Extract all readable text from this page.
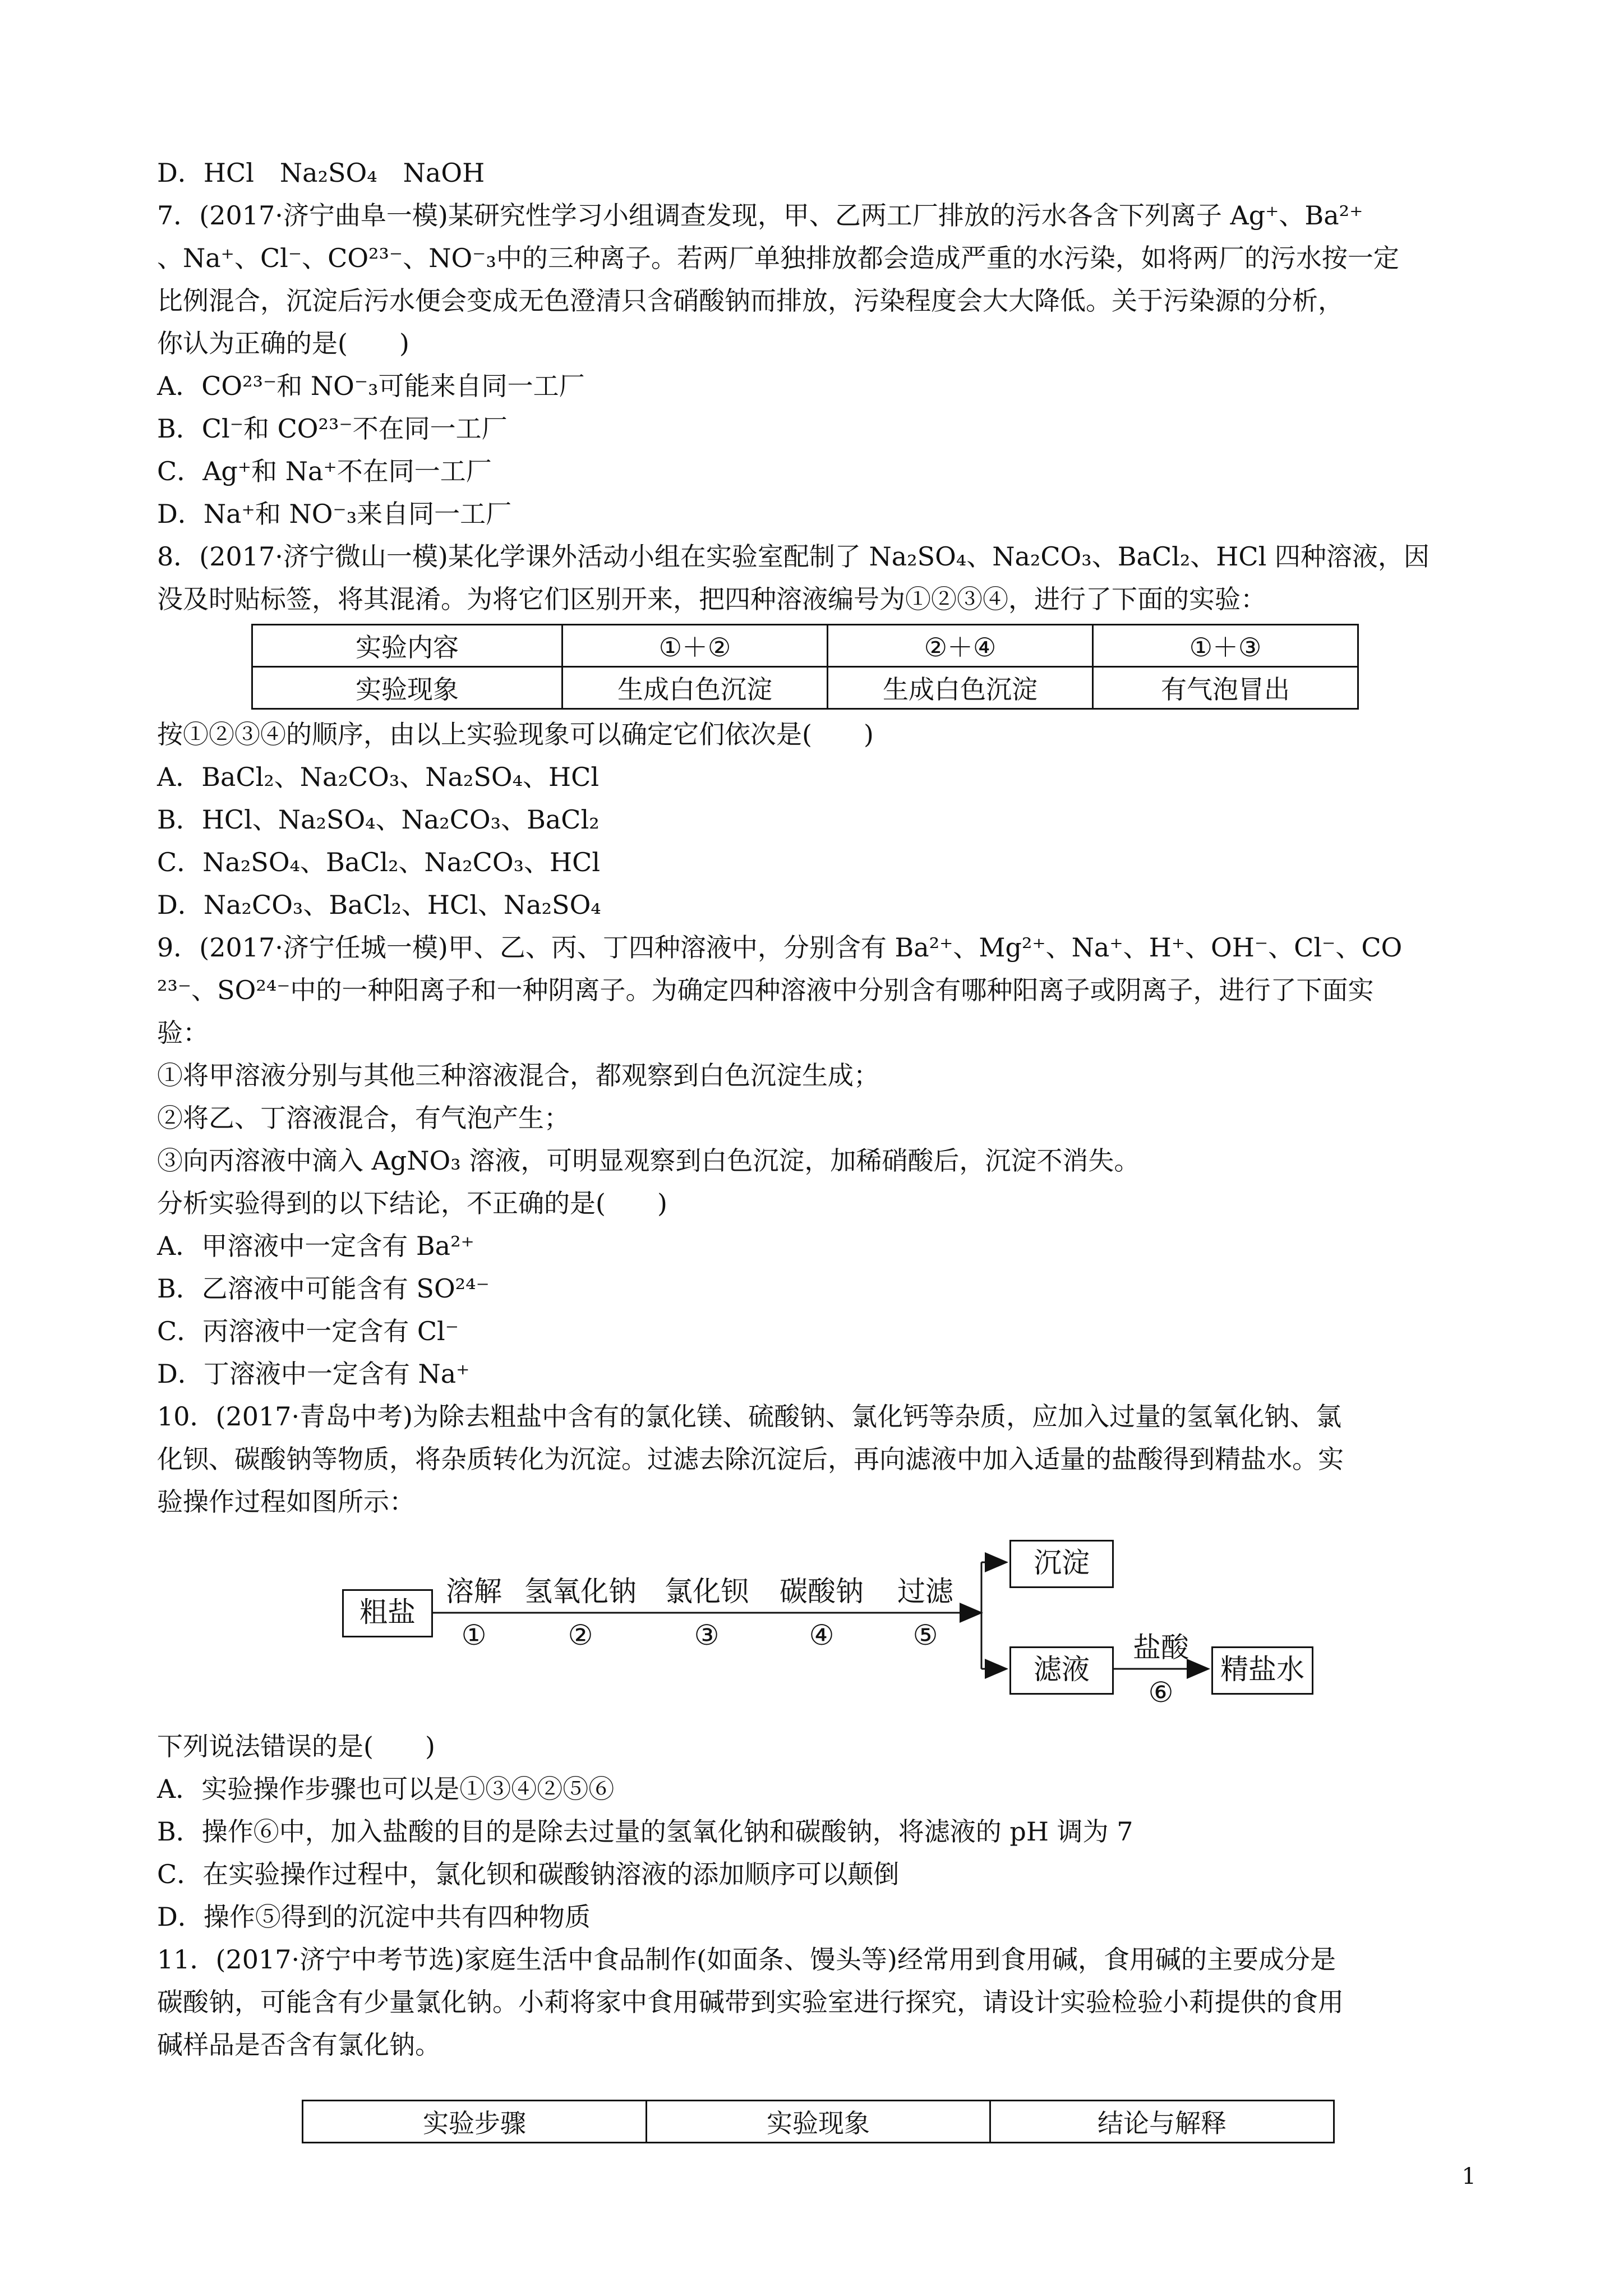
D．HCl　Na₂SO₄　NaOH
7．(2017·济宁曲阜一模)某研究性学习小组调查发现，甲、乙两工厂排放的污水各含下列离子 Ag⁺、Ba²⁺
、Na⁺、Cl⁻、CO²³⁻、NO⁻₃中的三种离子。若两厂单独排放都会造成严重的水污染，如将两厂的污水按一定
比例混合，沉淀后污水便会变成无色澄清只含硝酸钠而排放，污染程度会大大降低。关于污染源的分析，
你认为正确的是(　　)
A．CO²³⁻和 NO⁻₃可能来自同一工厂
B．Cl⁻和 CO²³⁻不在同一工厂
C．Ag⁺和 Na⁺不在同一工厂
D．Na⁺和 NO⁻₃来自同一工厂
8．(2017·济宁微山一模)某化学课外活动小组在实验室配制了 Na₂SO₄、Na₂CO₃、BaCl₂、HCl 四种溶液，因
没及时贴标签，将其混淆。为将它们区别开来，把四种溶液编号为①②③④，进行了下面的实验：
实验内容	①＋②	②＋④	①＋③
实验现象	生成白色沉淀	生成白色沉淀	有气泡冒出
按①②③④的顺序，由以上实验现象可以确定它们依次是(　　)
A．BaCl₂、Na₂CO₃、Na₂SO₄、HCl
B．HCl、Na₂SO₄、Na₂CO₃、BaCl₂
C．Na₂SO₄、BaCl₂、Na₂CO₃、HCl
D．Na₂CO₃、BaCl₂、HCl、Na₂SO₄
9．(2017·济宁任城一模)甲、乙、丙、丁四种溶液中，分别含有 Ba²⁺、Mg²⁺、Na⁺、H⁺、OH⁻、Cl⁻、CO
²³⁻、SO²⁴⁻中的一种阳离子和一种阴离子。为确定四种溶液中分别含有哪种阳离子或阴离子，进行了下面实
验：
①将甲溶液分别与其他三种溶液混合，都观察到白色沉淀生成；
②将乙、丁溶液混合，有气泡产生；
③向丙溶液中滴入 AgNO₃ 溶液，可明显观察到白色沉淀，加稀硝酸后，沉淀不消失。
分析实验得到的以下结论，不正确的是(　　)
A．甲溶液中一定含有 Ba²⁺
B．乙溶液中可能含有 SO²⁴⁻
C．丙溶液中一定含有 Cl⁻
D．丁溶液中一定含有 Na⁺
10．(2017·青岛中考)为除去粗盐中含有的氯化镁、硫酸钠、氯化钙等杂质，应加入过量的氢氧化钠、氯
化钡、碳酸钠等物质，将杂质转化为沉淀。过滤去除沉淀后，再向滤液中加入适量的盐酸得到精盐水。实
验操作过程如图所示：
粗盐
溶解
①
氢氧化钠
②
氯化钡
③
碳酸钠
④
过滤
⑤
沉淀
滤液
盐酸
⑥
精盐水
下列说法错误的是(　　)
A．实验操作步骤也可以是①③④②⑤⑥
B．操作⑥中，加入盐酸的目的是除去过量的氢氧化钠和碳酸钠，将滤液的 pH 调为 7
C．在实验操作过程中，氯化钡和碳酸钠溶液的添加顺序可以颠倒
D．操作⑤得到的沉淀中共有四种物质
11．(2017·济宁中考节选)家庭生活中食品制作(如面条、馒头等)经常用到食用碱，食用碱的主要成分是
碳酸钠，可能含有少量氯化钠。小莉将家中食用碱带到实验室进行探究，请设计实验检验小莉提供的食用
碱样品是否含有氯化钠。
实验步骤	实验现象	结论与解释
1
